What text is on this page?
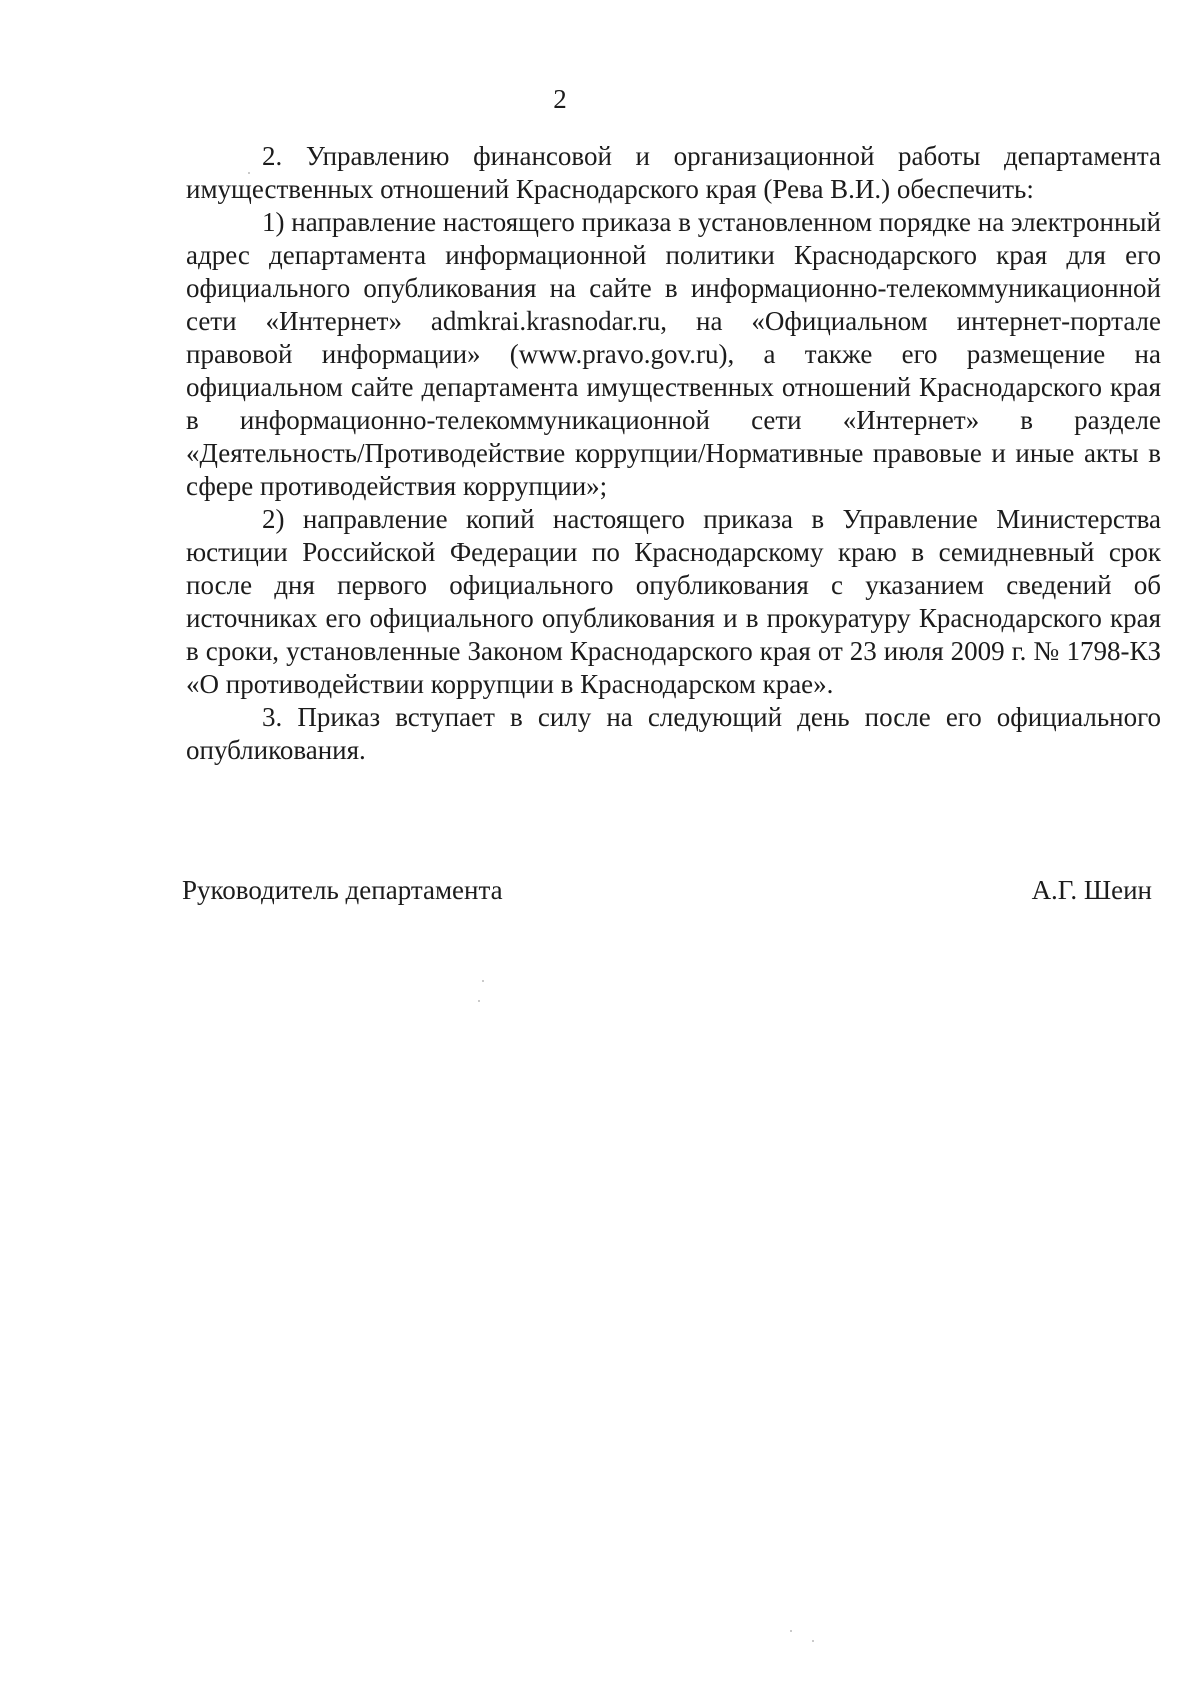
2

2. Управлению финансовой и организационной работы департамента имущественных отношений Краснодарского края (Рева В.И.) обеспечить:

1) направление настоящего приказа в установленном порядке на электронный адрес департамента информационной политики Краснодарского края для его официального опубликования на сайте в информационно-телекоммуникационной сети «Интернет» admkrai.krasnodar.ru, на «Официальном интернет-портале правовой информации» (www.pravo.gov.ru), а также его размещение на официальном сайте департамента имущественных отношений Краснодарского края в информационно-телекоммуникационной сети «Интернет» в разделе «Деятельность/Противодействие коррупции/Нормативные правовые и иные акты в сфере противодействия коррупции»;

2) направление копий настоящего приказа в Управление Министерства юстиции Российской Федерации по Краснодарскому краю в семидневный срок после дня первого официального опубликования с указанием сведений об источниках его официального опубликования и в прокуратуру Краснодарского края в сроки, установленные Законом Краснодарского края от 23 июля 2009 г. № 1798-КЗ «О противодействии коррупции в Краснодарском крае».

3. Приказ вступает в силу на следующий день после его официального опубликования.

Руководитель департамента	А.Г. Шеин
